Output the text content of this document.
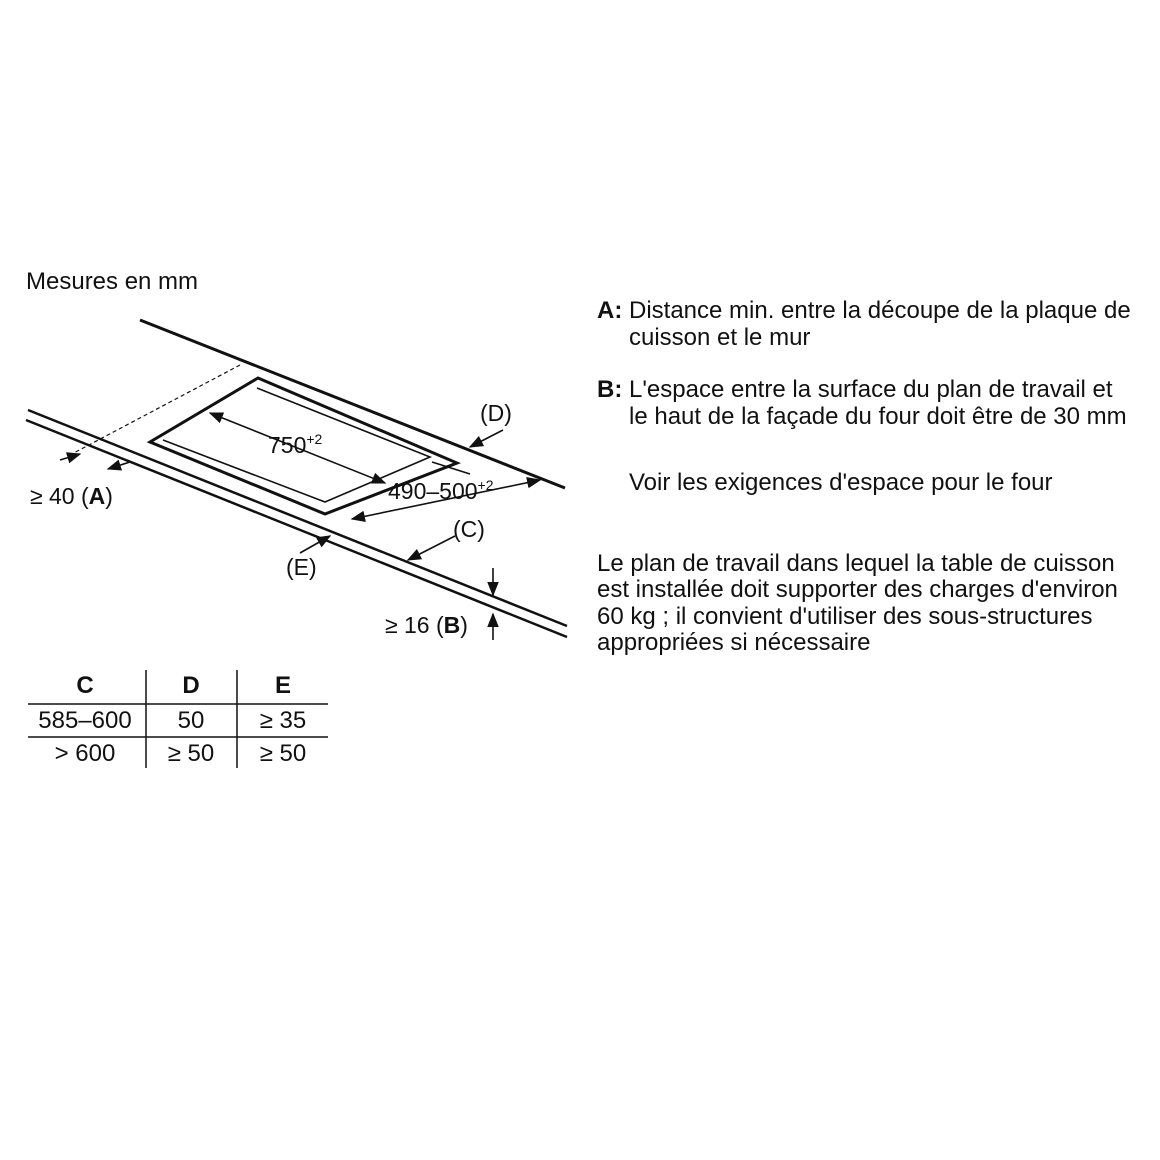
Mesures en mm
$750^{+2}$
$490-500^{+2}$
(D)
(C)
(E)
≥ 40 (A)
≥ 16 (B)
C	D	E
585–600 50 ≥ 35
> 600 ≥ 50 ≥ 50
A: Distance min. entre la découpe de la plaque de cuisson et le mur
B: L'espace entre la surface du plan de travail et le haut de la façade du four doit être de 30 mm
Voir les exigences d'espace pour le four
Le plan de travail dans lequel la table de cuisson est installée doit supporter des charges d'environ 60 kg ; il convient d'utiliser des sous-structures appropriées si nécessaire
